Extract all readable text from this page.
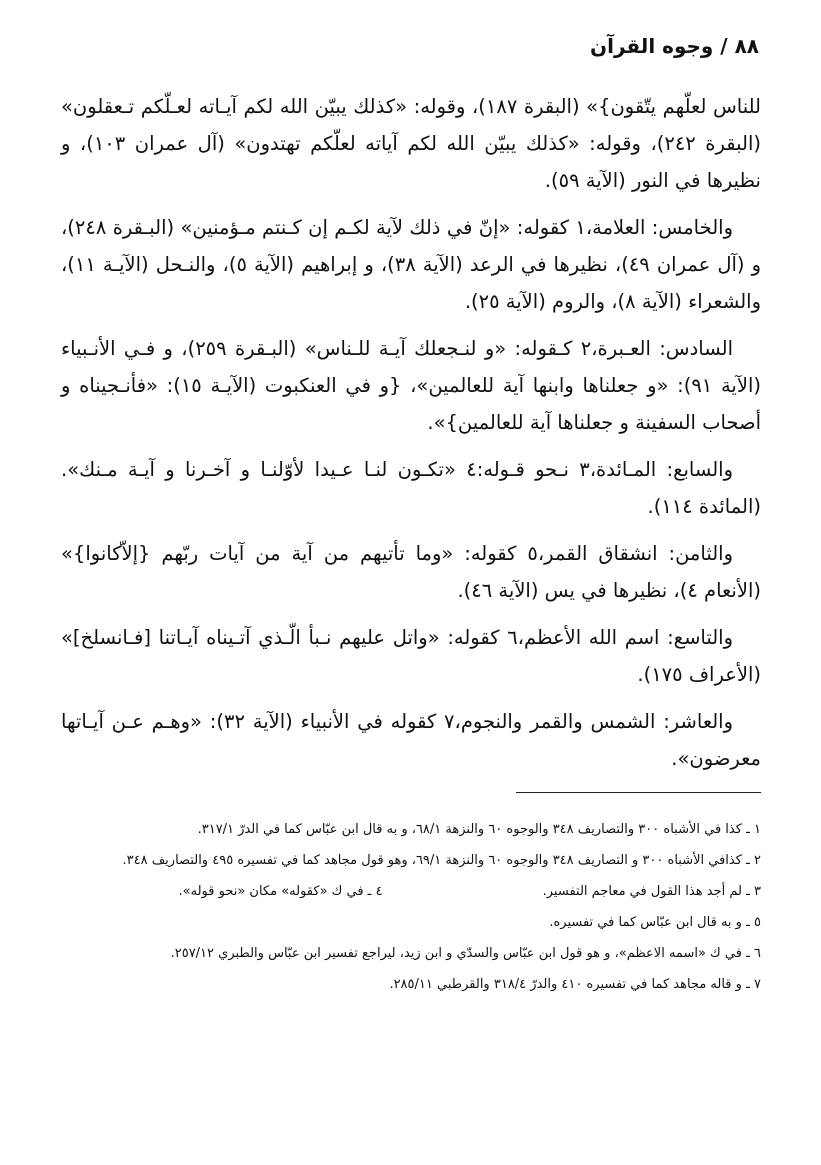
٨٨ / وجوه القرآن

للناس لعلّهم يتّقون}» (البقرة ١٨٧)، وقوله: «كذلك يبيّن الله لكم آيـاته لعـلّكم تـعقلون» (البقرة ٢٤٢)، وقوله: «كذلك يبيّن الله لكم آياته لعلّكم تهتدون» (آل عمران ١٠٣)، و نظيرها في النور (الآية ٥٩).

والخامس: العلامة،١ كقوله: «إنّ في ذلك لآية لكـم إن كـنتم مـؤمنين» (البـقرة ٢٤٨)، و (آل عمران ٤٩)، نظيرها في الرعد (الآية ٣٨)، و إبراهيم (الآية ٥)، والنـحل (الآيـة ١١)، والشعراء (الآية ٨)، والروم (الآية ٢٥).

السادس: العـبرة،٢ كـقوله: «و لنـجعلك آيـة للـناس» (البـقرة ٢٥٩)، و فـي الأنـبياء (الآية ٩١): «و جعلناها وابنها آية للعالمين»، {و في العنكبوت (الآيـة ١٥): «فأنـجيناه و أصحاب السفينة و جعلناها آية للعالمين}».

والسابع: المـائدة،٣ نـحو قـوله:٤ «تكـون لنـا عـيدا لأوّلنـا و آخـرنا و آيـة مـنك». (المائدة ١١٤).

والثامن: انشقاق القمر،٥ كقوله: «وما تأتيهم من آية من آيات ربّهم {إلاّكانوا}» (الأنعام ٤)، نظيرها في يس (الآية ٤٦).

والتاسع: اسم الله الأعظم،٦ كقوله: «واتل عليهم نـبأ الّـذي آتـيناه آيـاتنا [فـانسلخ]» (الأعراف ١٧٥).

والعاشر: الشمس والقمر والنجوم،٧ كقوله في الأنبياء (الآية ٣٢): «وهـم عـن آيـاتها معرضون».

١ ـ كذا في الأشباه ٣٠٠ والتصاريف ٣٤٨ والوجوه ٦٠ والنزهة ٦٨/١، و به قال ابن عبّاس كما في الدرّ ٣١٧/١.
٢ ـ كذافي الأشباه ٣٠٠ و التصاريف ٣٤٨ والوجوه ٦٠ والنزهة ٦٩/١، وهو قول مجاهد كما في تفسيره ٤٩٥ والتصاريف ٣٤٨.
٣ ـ لم أجد هذا القول في معاجم التفسير.
٤ ـ في ك «كقوله» مكان «نحو قوله».
٥ ـ و به قال ابن عبّاس كما في تفسيره.
٦ ـ في ك «اسمه الاعظم»، و هو قول ابن عبّاس والسدّي و ابن زيد، ليراجع تفسير ابن عبّاس والطبري ٢٥٧/١٢.
٧ ـ و قاله مجاهد كما في تفسيره ٤١٠ والدرّ ٣١٨/٤ والقرطبي ٢٨٥/١١.
